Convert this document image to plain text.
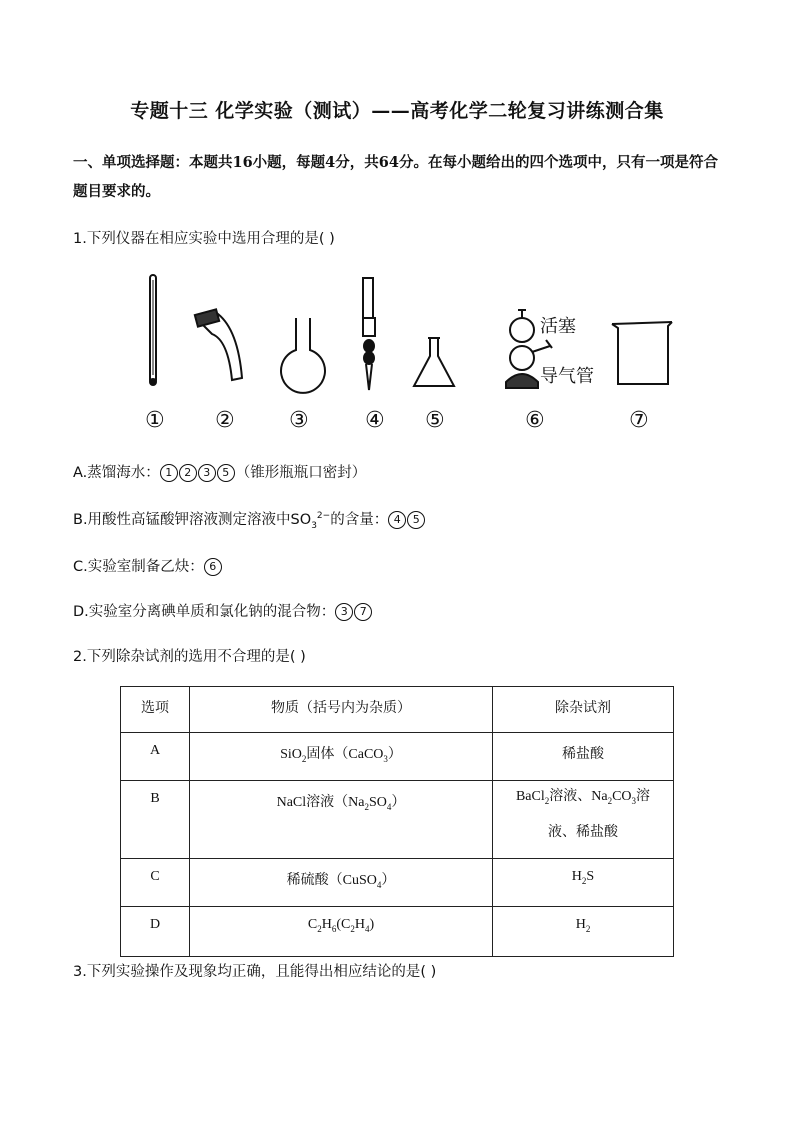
专题十三 化学实验（测试）——高考化学二轮复习讲练测合集
一、单项选择题：本题共16小题，每题4分，共64分。在每小题给出的四个选项中，只有一项是符合题目要求的。
1.下列仪器在相应实验中选用合理的是( )
活塞
导气管
① ② ③	④ ⑤	⑥	⑦
A.蒸馏海水： 1 2 3 5 （锥形瓶瓶口密封）
B.用酸性高锰酸钾溶液测定溶液中$SO_3^{2-}$的含量： 4 5
C.实验室制备乙炔： 6
D.实验室分离碘单质和氯化钠的混合物： 3 7
2.下列除杂试剂的选用不合理的是( )
选项	物质（括号内为杂质）	除杂试剂
A	SiO$_2$固体（CaCO$_3$）	稀盐酸
B	NaCl溶液$(Na_2SO_4)$	BaCl$_2$溶液、$Na_2CO_3$溶
液、稀盐酸
C	稀硫酸（CuSO$_4$）	$H_2S$
D	$C_2H_6(C_2H_4)$	$H_2$
3.下列实验操作及现象均正确，且能得出相应结论的是( )
